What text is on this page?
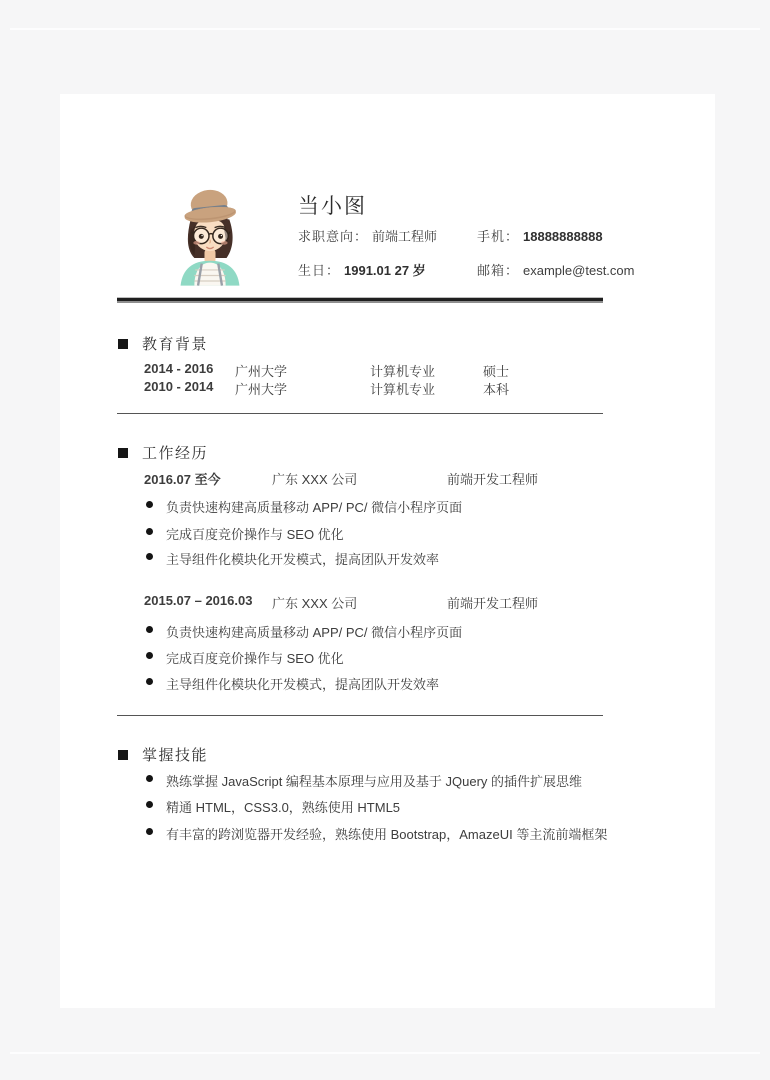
当小图
求职意向： 前端工程师	手机： 18888888888
生日： 1991.01 27 岁	邮箱： example@test.com
教育背景
2014 - 2016 广州大学	计算机专业	硕士
2010 - 2014 广州大学	计算机专业	本科
工作经历
2016.07 至今	广东 XXX 公司	前端开发工程师
负责快速构建高质量移动 APP/ PC/ 微信小程序页面
完成百度竞价操作与 SEO 优化
主导组件化模块化开发模式，提高团队开发效率
2015.07 – 2016.03 广东 XXX 公司	前端开发工程师
负责快速构建高质量移动 APP/ PC/ 微信小程序页面
完成百度竞价操作与 SEO 优化
主导组件化模块化开发模式，提高团队开发效率
掌握技能
熟练掌握 JavaScript 编程基本原理与应用及基于 JQuery 的插件扩展思维
精通 HTML，CSS3.0，熟练使用 HTML5
有丰富的跨浏览器开发经验，熟练使用 Bootstrap，AmazeUI 等主流前端框架
